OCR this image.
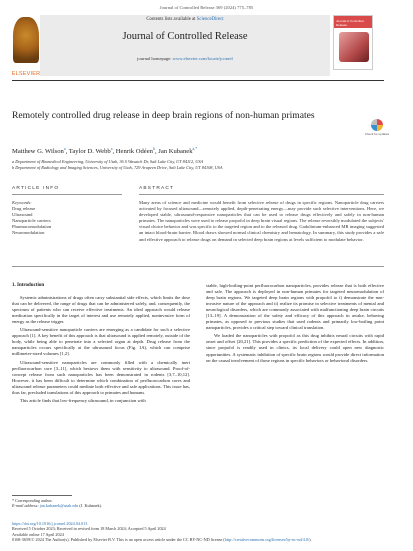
Journal of Controlled Release 369 (2024) 775–785
ELSEVIER
Contents lists available at ScienceDirect
Journal of Controlled Release
journal homepage: www.elsevier.com/locate/jconrel
Journal of Controlled Release
Remotely controlled drug release in deep brain regions of non-human primates
Check for updates
Matthew G. Wilson$^a$, Taylor D. Webb$^a$, Henrik Odéen$^b$, Jan Kubanek$^{a,*}$
a Department of Biomedical Engineering, University of Utah, 36 S Wasatch Dr, Salt Lake City, UT 84112, USA
b Department of Radiology and Imaging Sciences, University of Utah, 729 Arapeen Drive, Salt Lake City, UT 84108, USA
ARTICLE INFO	ABSTRACT
Keywords:
Drug release
Ultrasound
Nanoparticle carriers
Pharmacomodulation
Neuromodulation
Many areas of science and medicine would benefit from selective release of drugs in specific regions. Nanoparticle drug carriers activated by focused ultrasound—remotely applied, depth-penetrating energy—may provide such selective interventions. Here, we developed stable, ultrasound-responsive nanoparticles that can be used to release drugs effectively and safely in non-human primates. The nanoparticles were used to release propofol in deep brain visual regions. The release reversibly modulated the subjects' visual choice behavior and was specific to the targeted region and to the released drug. Gadolinium-enhanced MR imaging suggested an intact blood-brain barrier. Blood draws showed normal clinical chemistry and hematology. In summary, this study provides a safe and effective approach to release drugs on demand in selected deep brain regions at levels sufficient to modulate behavior.

1. Introduction

Systemic administrations of drugs often carry substantial side effects, which limits the dose that can be delivered, the range of drugs that can be administered safely, and, consequently, the spectrum of patients who can receive effective treatments. An ideal approach would release medication specifically in the target of interest and use remotely applied, noninvasive form of energy as the release trigger.

Ultrasound-sensitive nanoparticle carriers are emerging as a candidate for such a selective approach [1]. A key benefit of this approach is that ultrasound is applied remotely, outside of the body, while being able to penetrate into a selected organ at depth. Drug release from the nanoparticles occurs specifically at the ultrasound focus (Fig. 1A), which can comprise millimeter-sized volumes [1,2].

Ultrasound-sensitive nanoparticles are commonly filled with a chemically inert perfluorocarbon core [3–11], which bestows them with sensitivity to ultrasound. Proof-of-concept release from such nanoparticles has been demonstrated in rodents [3,7–10,12]. However, it has been difficult to determine which combination of perfluorocarbon cores and ultrasound release parameters could mediate both effective and safe applications. This issue has, thus far, precluded translations of this approach to primates and humans.

This article finds that low-frequency ultrasound, in conjunction with

stable, high-boiling-point perfluorocarbon nanoparticles, provides release that is both effective and safe. The approach is deployed in non-human primates for targeted neuromodulation of deep brain regions. We targeted deep brain regions with propofol to i) demonstrate the non-invasive nature of the approach and ii) realize its promise in selective treatments of mental and neurological disorders, which are commonly associated with malfunctioning deep brain circuits [13–19]. A demonstration of the safety and efficacy of this approach in awake, behaving primates, as opposed to previous studies that used rodents and primarily low-boiling point nanoparticles, provides a critical step toward clinical translation.

We loaded the nanoparticles with propofol as this drug inhibits neural circuits with rapid onset and offset [20,21]. This provides a specific prediction of the expected effects. In addition, since propofol is readily used in clinics, its local delivery could open new diagnostic opportunities. A systematic inhibition of specific brain regions would provide direct information on the causal involvement of those regions in specific behaviors or behavioral disorders.

* Corresponding author.
E-mail address: jan.kubanek@utah.edu (J. Kubanek).
https://doi.org/10.1016/j.jconrel.2024.04.013
Received 5 October 2023; Received in revised form 18 March 2024; Accepted 5 April 2024
Available online 17 April 2024
0168-3659/© 2024 The Author(s). Published by Elsevier B.V. This is an open access article under the CC BY-NC-ND license (http://creativecommons.org/licenses/by-nc-nd/4.0/).
